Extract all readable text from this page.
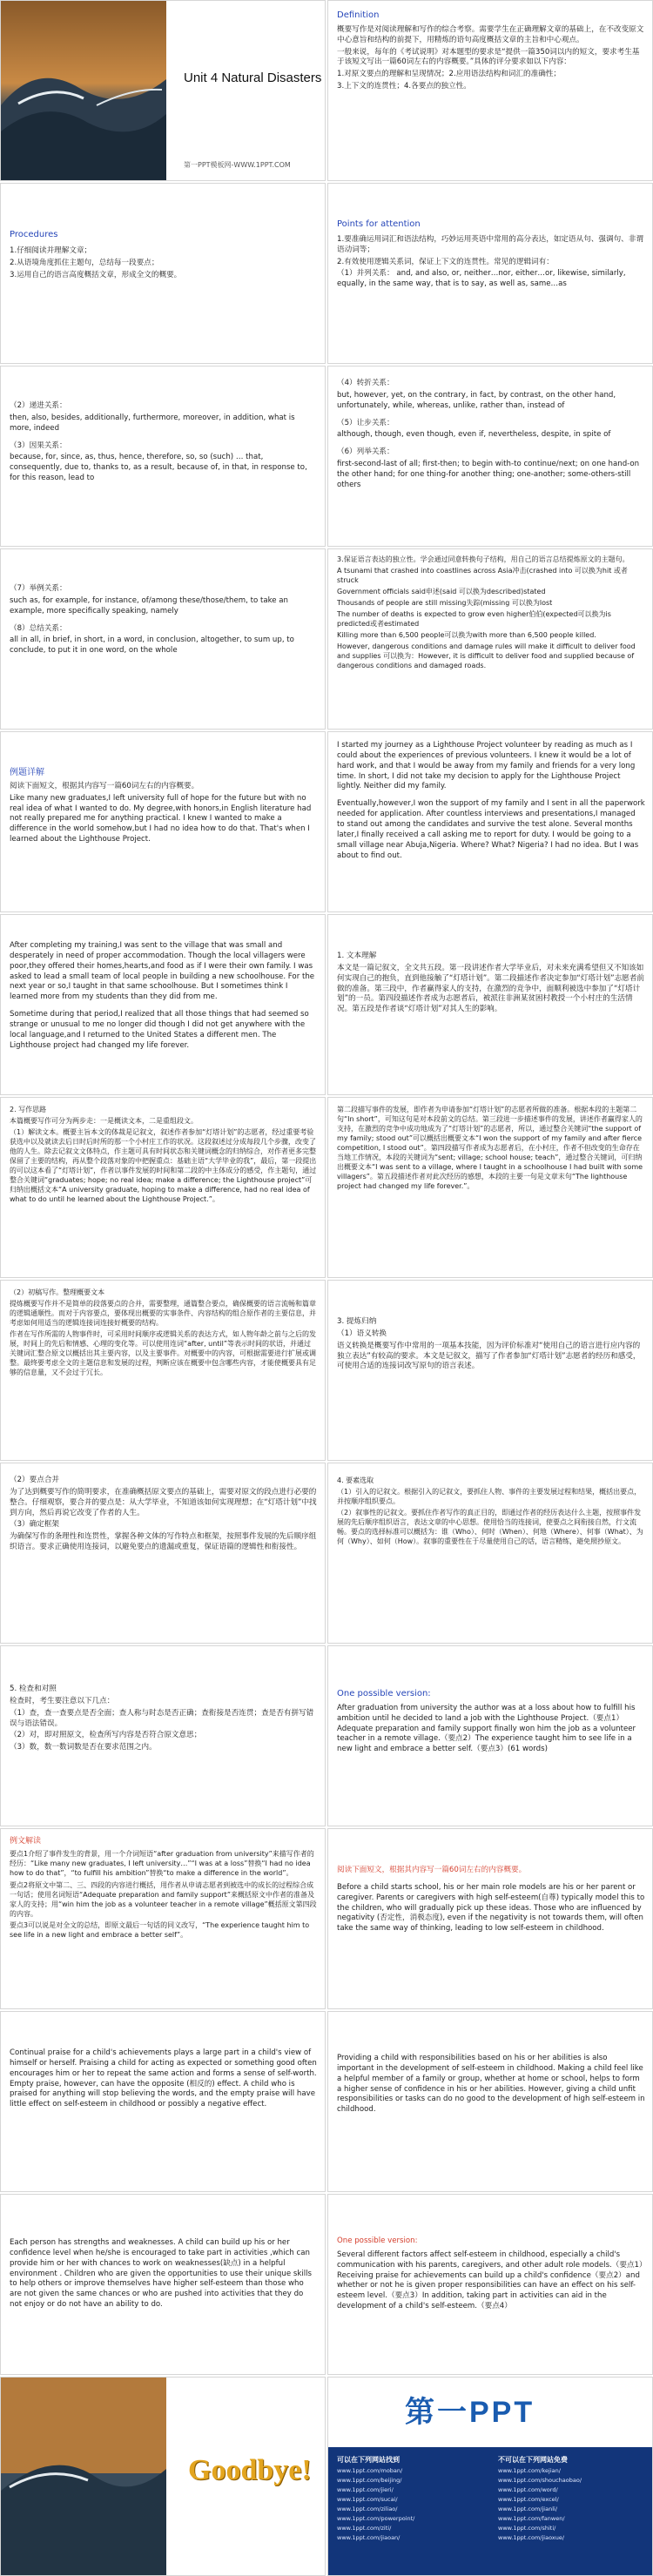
Unit 4 Natural Disasters
第一PPT模板网-WWW.1PPT.COM
Definition

概要写作是对阅读理解和写作的综合考察。需要学生在正确理解文章的基础上，在不改变原文中心意旨和结构的前提下，用精炼的语句高度概括文章的主旨和中心观点。

一般来说，每年的《考试说明》对本题型的要求是“提供一篇350词以内的短文，要求考生基于该短文写出一篇60词左右的内容概要。”具体的评分要求如以下内容：

1.对原文要点的理解和呈现情况；2.应用语法结构和词汇的准确性；

3.上下文的连贯性；4.各要点的独立性。

Procedures

1.仔细阅读并理解文章；

2.从语境角度抓住主题句，总结每一段要点；

3.运用自己的语言高度概括文章，形成全文的概要。

Points for attention

1.要准确运用词汇和语法结构，巧妙运用英语中常用的高分表达，如定语从句、强调句、非谓语动词等；

2.有效使用逻辑关系词，保证上下文的连贯性。常见的逻辑词有：

（1）并列关系： and, and also, or, neither…nor, either…or, likewise, similarly, equally, in the same way, that is to say, as well as, same…as

（2）递进关系：

then, also, besides, additionally, furthermore, moreover, in addition, what is more, indeed

（3）因果关系：

because, for, since, as, thus, hence, therefore, so, so (such) … that, consequently, due to, thanks to, as a result, because of, in that, in response to, for this reason, lead to

（4）转折关系：

but, however, yet, on the contrary, in fact, by contrast, on the other hand, unfortunately, while, whereas, unlike, rather than, instead of

（5）让步关系：

although, though, even though, even if, nevertheless, despite, in spite of

（6）列举关系：

first-second-last of all; first-then; to begin with-to continue/next; on one hand-on the other hand; for one thing-for another thing; one-another; some-others-still others

（7）举例关系：

such as, for example, for instance, of/among these/those/them, to take an example, more specifically speaking, namely

（8）总结关系：

all in all, in brief, in short, in a word, in conclusion, altogether, to sum up, to conclude, to put it in one word, on the whole

3.保证语言表达的独立性。学会通过同意转换句子结构，用自己的语言总结提炼原文的主题句。

A tsunami that crashed into coastlines across Asia冲击(crashed into 可以换为hit 或者struck

Government officials said申述(said 可以换为described)stated

Thousands of people are still missing失踪(missing 可以换为lost

The number of deaths is expected to grow even higher伯伯(expected可以换为is predicted或者estimated

Killing more than 6,500 people可以换为with more than 6,500 people killed.

However, dangerous conditions and damage rules will make it difficult to deliver food and supplies 可以换为：However, it is difficult to deliver food and supplied because of dangerous conditions and damaged roads.

例题详解

阅读下面短文，根据其内容写一篇60词左右的内容概要。

Like many new graduates,I left university full of hope for the future but with no real idea of what I wanted to do. My degree,with honors,in English literature had not really prepared me for anything practical. I knew I wanted to make a difference in the world somehow,but I had no idea how to do that. That's when I learned about the Lighthouse Project.

I started my journey as a Lighthouse Project volunteer by reading as much as I could about the experiences of previous volunteers. I knew it would be a lot of hard work, and that I would be away from my family and friends for a very long time. In short, I did not take my decision to apply for the Lighthouse Project lightly. Neither did my family.

Eventually,however,I won the support of my family and I sent in all the paperwork needed for application. After countless interviews and presentations,I managed to stand out among the candidates and survive the test alone. Several months later,I finally received a call asking me to report for duty. I would be going to a small village near Abuja,Nigeria. Where? What? Nigeria? I had no idea. But I was about to find out.

After completing my training,I was sent to the village that was small and desperately in need of proper accommodation. Though the local villagers were poor,they offered their homes,hearts,and food as if I were their own family. I was asked to lead a small team of local people in building a new schoolhouse. For the next year or so,I taught in that same schoolhouse. But I sometimes think I learned more from my students than they did from me.

Sometime during that period,I realized that all those things that had seemed so strange or unusual to me no longer did though I did not get anywhere with the local language,and I returned to the United States a different men. The Lighthouse project had changed my life forever.

1. 文本理解

本文是一篇记叙文，全文共五段。第一段讲述作者大学毕业后，对未来充满希望但又不知该如何实现自己的抱负，直到他接触了“灯塔计划”。第二段描述作者决定参加“灯塔计划”志愿者前做的准备。第三段中，作者赢得家人的支持，在激烈的竞争中，面顺利被选中参加了“灯塔计划”的一员。第四段描述作者成为志愿者后，被派往非洲某贫困村教授一个小村庄的生活情况。第五段是作者谈“灯塔计划”对其人生的影响。

2. 写作思路

本篇概要写作可分为两步走：一是概读文本，二是重组段文。

（1）解读文本。概要主旨本文的体裁是记叙文，叙述作者参加“灯塔计划”的志愿者，经过重要考验获选中以及就读去后日时后时所的那一个小村庄工作的状况。这段叙述过分成每段几个步骤，改变了他的人生。除去记叙文文体特点，作主题可具有时间状态和关键词概念的归纳综合，对作者更多完整保留了主要的结构，再从整个段落对象的中把握重点：基础主语“大学毕业的我”，最后，第一段提出的可以这本看了“灯塔计划”，作者以事件发展的时间和第二段的中主体成分的感受，作主题句，通过整合关键词“graduates; hope; no real idea; make a difference; the Lighthouse project”可归纳出概括文本“A university graduate, hoping to make a difference, had no real idea of what to do until he learned about the Lighthouse Project.”。

第二段描写事件的发展，即作者为申请参加“灯塔计划”的志愿者所做的准备。根据本段的主题第二句“In short”，可知这句是对本段前文的总结。第三段进一步描述事件的发展，讲述作者赢得家人的支持，在激烈的竞争中成功地成为了“灯塔计划”的志愿者，所以，通过整合关键词“the support of my family; stood out”可以概括出概要文本“I won the support of my family and after fierce competition, I stood out”。第四段描写作者成为志愿者后，在小村庄，作者不但改变的生命存在当地工作情况，本段的关键词为“sent; village; school house; teach”，通过整合关键词，可归纳出概要文本“I was sent to a village, where I taught in a schoolhouse I had built with some villagers”。第五段描述作者对此次经历的感想，本段的主要一句是文章末句“The lighthouse project had changed my life forever.”。

（2）初稿写作。整理概要文本

提炼概要写作并不是简单的段落要点的合并，需要整理，通篇整合要点，确保概要的语言流畅和篇章的逻辑通顺性。而对于内容要点，要体现出概要的实事条件、内容结构的组合原作者的主要信息，并考虑如何用适当的逻辑连接词连接好概要的结构。

作者在写作所需的人物事件时，可采用时间顺序或逻辑关系的表达方式，如人物年龄之前与之后的发展，时间上的先后和情感、心理的变化等。可以使用连词“after, until”等表示时间的状语，并通过关键词汇整合原文以概括出其主要内容，以及主要事件。对概要中的内容，可根据需要进行扩展或调整。最终要考虑全文的主题信息和发展的过程，判断应该在概要中包含哪些内容，才能使概要具有足够的信息量，又不会过于冗长。

3. 提炼归纳

（1）语义转换

语义转换是概要写作中常用的一项基本技能，因为评价标准对“使用自己的语言进行应内容的独立表达”有较高的要求。本文是记叙文，描写了作者参加“灯塔计划”志愿者的经历和感受，可使用合适的连接词改写原句的语言表述。

（2）要点合并

为了达到概要写作的简明要求，在准确概括原文要点的基础上，需要对原文的段点进行必要的整合。仔细观察，要合并的要点是：从大学毕业，不知道该如何实现理想；在“灯塔计划”中找到方向，然后再说它改变了作者的人生。

（3）确定框架

为确保写作的条理性和连贯性，掌握各种文体的写作特点和框架，按照事件发展的先后顺序组织语言。要求正确使用连接词，以避免要点的遗漏或重复，保证语篇的逻辑性和衔接性。

4. 要素选取

（1）引入的记叙文。根据引入的记叙文，要抓住人物、事件的主要发展过程和结果，概括出要点，并按顺序组织要点。

（2）叙事性的记叙文。要抓住作者写作的真正目的，即通过作者的经历表达什么主题，按照事件发展的先后顺序组织语言，表达文章的中心思想。使用恰当的连接词，使要点之间衔接自然，行文流畅。要点的选择标准可以概括为：谁（Who）、何时（When）、何地（Where）、何事（What）、为何（Why）、如何（How）。叙事的重要性在于尽量使用自己的话，语言精练，避免照抄原文。

5. 检查和对照

检查时，考生要注意以下几点：

（1）查，查一查要点是否全面；查人称与时态是否正确；查衔接是否连贯；查是否有拼写错误与语法错误。

（2）对，即对照原文，检查所写内容是否符合原文意思；

（3）数，数一数词数是否在要求范围之内。

One possible version:

After graduation from university the author was at a loss about how to fulfill his ambition until he decided to land a job with the Lighthouse Project.（要点1）Adequate preparation and family support finally won him the job as a volunteer teacher in a remote village.（要点2）The experience taught him to see life in a new light and embrace a better self.（要点3）(61 words)

例文解读

要点1介绍了事件发生的背景，用一个介词短语“after graduation from university”来描写作者的经历：“Like many new graduates, I left university…”“I was at a loss”替换“I had no idea how to do that”，“to fulfill his ambition”替换“to make a difference in the world”。

要点2将原文中第二、三、四段的内容进行概括，用作者从申请志愿者到被选中的成长的过程综合成一句话；使用名词短语“Adequate preparation and family support”来概括原文中作者的准备及家人的支持；用“win him the job as a volunteer teacher in a remote village”概括原文第四段的内容。

要点3可以说是对全文的总结，即原文最后一句话的同义改写，“The experience taught him to see life in a new light and embrace a better self”。

阅读下面短文，根据其内容写一篇60词左右的内容概要。

Before a child starts school, his or her main role models are his or her parent or caregiver. Parents or caregivers with high self-esteem(自尊) typically model this to the children, who will gradually pick up these ideas. Those who are influenced by negativity (否定性，消极态度), even if the negativity is not towards them, will often take the same way of thinking, leading to low self-esteem in childhood.

Continual praise for a child's achievements plays a large part in a child's view of himself or herself. Praising a child for acting as expected or something good often encourages him or her to repeat the same action and forms a sense of self-worth. Empty praise, however, can have the opposite (相反的) effect. A child who is praised for anything will stop believing the words, and the empty praise will have little effect on self-esteem in childhood or possibly a negative effect.

Providing a child with responsibilities based on his or her abilities is also important in the development of self-esteem in childhood. Making a child feel like a helpful member of a family or group, whether at home or school, helps to form a higher sense of confidence in his or her abilities. However, giving a child unfit responsibilities or tasks can do no good to the development of high self-esteem in childhood.

Each person has strengths and weaknesses. A child can build up his or her confidence level when he/she is encouraged to take part in activities ,which can provide him or her with chances to work on weaknesses(缺点) in a helpful environment . Children who are given the opportunities to use their unique skills to help others or improve themselves have higher self-esteem than those who are not given the same chances or who are pushed into activities that they do not enjoy or do not have an ability to do.

One possible version:

Several different factors affect self-esteem in childhood, especially a child's communication with his parents, caregivers, and other adult role models.（要点1）Receiving praise for achievements can build up a child's confidence（要点2）and whether or not he is given proper responsibilities can have an effect on his self-esteem level.（要点3）In addition, taking part in activities can aid in the development of a child's self-esteem.（要点4）

Goodbye!
第一PPT
可以在下列网站找到
www.1ppt.com/moban/
www.1ppt.com/beijing/
www.1ppt.com/jieri/
www.1ppt.com/sucai/
www.1ppt.com/ziliao/
www.1ppt.com/powerpoint/
www.1ppt.com/ziti/
www.1ppt.com/jiaoan/
不可以在下列网站免费
www.1ppt.com/kejian/
www.1ppt.com/shouchaobao/
www.1ppt.com/word/
www.1ppt.com/excel/
www.1ppt.com/jianli/
www.1ppt.com/fanwen/
www.1ppt.com/shiti/
www.1ppt.com/jiaoxue/
